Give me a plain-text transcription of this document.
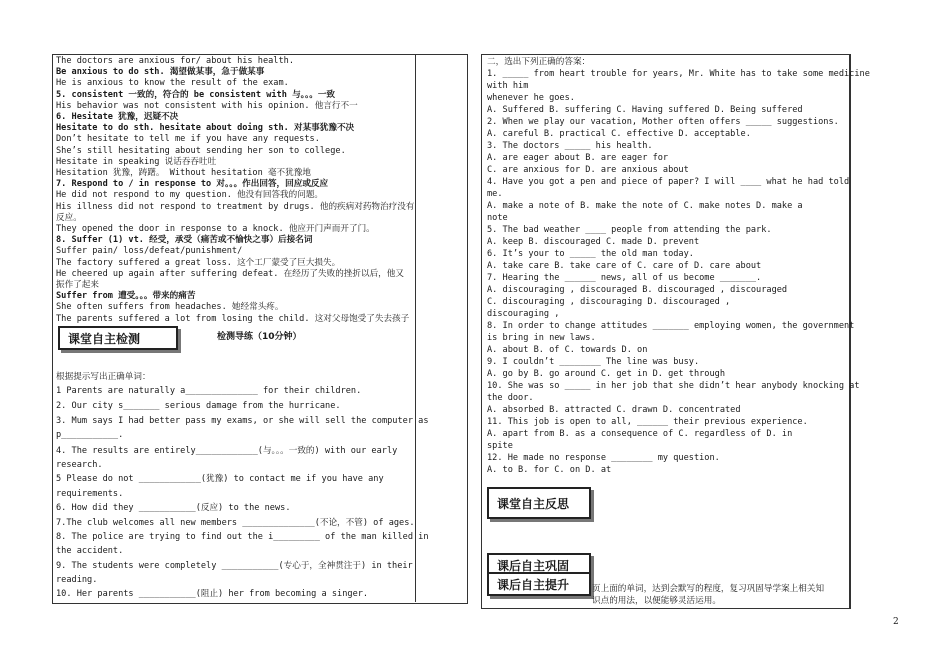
The doctors are anxious for/ about his health.
Be anxious to do sth. 渴望做某事，急于做某事
He is anxious to know the result of the exam.
5. consistent 一致的，符合的 be consistent with 与。。。一致
His behavior was not consistent with his opinion. 他言行不一
6. Hesitate 犹豫，迟疑不决
Hesitate to do sth. hesitate about doing sth. 对某事犹豫不决
Don’t hesitate to tell me if you have any requests.
She’s still hesitating about sending her son to college.
Hesitate in speaking 说话吞吞吐吐
Hesitation 犹豫，踌躇。 Without hesitation 毫不犹豫地
7. Respond to / in response to 对。。。作出回答，回应或反应
He did not respond to my question. 他没有回答我的问题。
His illness did not respond to treatment by drugs. 他的疾病对药物治疗没有
反应。
They opened the door in response to a knock. 他应开门声而开了门。
8. Suffer (1) vt. 经受，承受（痛苦或不愉快之事）后接名词
Suffer pain/ loss/defeat/punishment/
The factory suffered a great loss. 这个工厂蒙受了巨大损失。
He cheered up again after suffering defeat. 在经历了失败的挫折以后，他又
振作了起来
Suffer from 遭受。。。带来的痛苦
She often suffers from headaches. 她经常头疼。
The parents suffered a lot from losing the child. 这对父母饱受了失去孩子
课堂自主检测	检测导练（10分钟）
根据提示写出正确单词：
1 Parents are naturally a______________ for their children.
2. Our city s_______ serious damage from the hurricane.
3. Mum says I had better pass my exams, or she will sell the computer as
p___________.
4. The results are entirely____________(与。。。一致的) with our early
research.
5 Please do not ____________(犹豫) to contact me if you have any
requirements.
6. How did they ___________(反应) to the news.
7.The club welcomes all new members ______________(不论，不管) of ages.
8. The police are trying to find out the i_________ of the man killed in
the accident.
9. The students were completely ___________(专心于，全神贯注于) in their
reading.
10. Her parents ___________(阻止) her from becoming a singer.
二，选出下列正确的答案：
1. _____ from heart trouble for years, Mr. White has to take some medicine
with him
whenever he goes.
A. Suffered B. suffering C. Having suffered D. Being suffered
2. When we play our vacation, Mother often offers _____ suggestions.
A. careful B. practical C. effective D. acceptable.
3. The doctors _____ his health.
A. are eager about B. are eager for
C. are anxious for D. are anxious about
4. Have you got a pen and piece of paper? I will ____ what he had told
me.
A. make a note of B. make the note of C. make notes D. make a
note
5. The bad weather ____ people from attending the park.
A. keep B. discouraged C. made D. prevent
6. It’s your to _____ the old man today.
A. take care B. take care of C. care of D. care about
7. Hearing the ______ news, all of us become _______.
A. discouraging , discouraged B. discouraged , discouraged
C. discouraging , discouraging D. discouraged ,
discouraging ,
8. In order to change attitudes _______ employing women, the government
is bring in new laws.
A. about B. of C. towards D. on
9. I couldn’t ________ The line was busy.
A. go by B. go around C. get in D. get through
10. She was so _____ in her job that she didn’t hear anybody knocking at
the door.
A. absorbed B. attracted C. drawn D. concentrated
11. This job is open to all, ______ their previous experience.
A. apart from B. as a consequence of C. regardless of D. in
spite
12. He made no response ________ my question.
A. to B. for C. on D. at
课堂自主反思
课后自主巩固
课后自主提升	页上面的单词，达到会默写的程度，复习巩固导学案上相关知
识点的用法，以便能够灵活运用。
2
